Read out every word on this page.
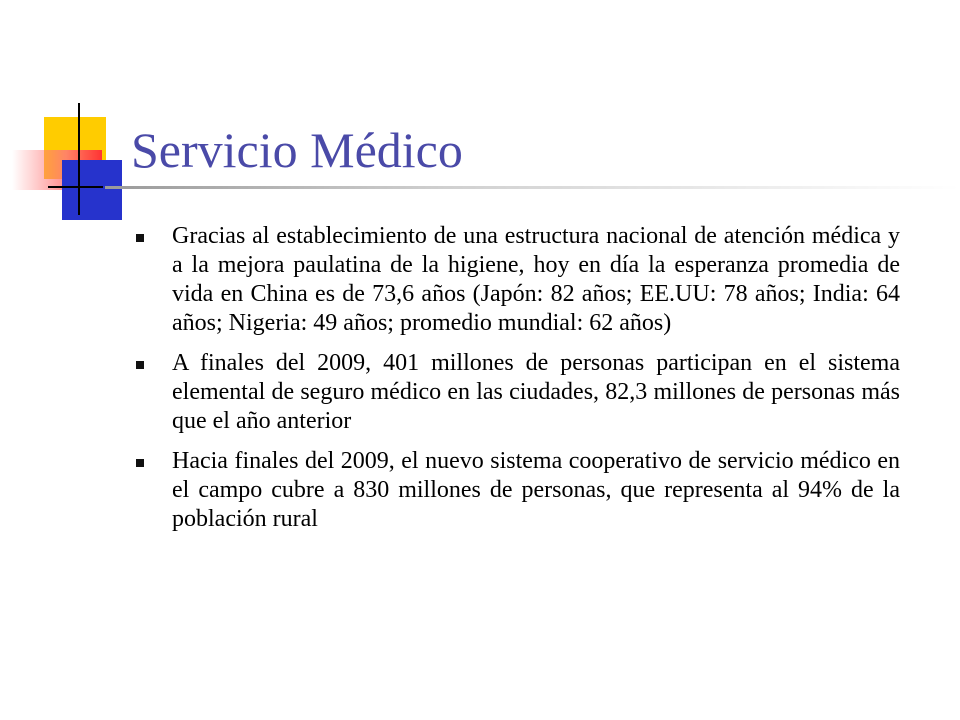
Servicio Médico
Gracias al establecimiento de una estructura nacional de atención médica y a la mejora paulatina de la higiene, hoy en día la esperanza promedia de vida en China es de 73,6 años (Japón: 82 años; EE.UU: 78 años; India: 64 años; Nigeria: 49 años; promedio mundial: 62 años)
A finales del 2009, 401 millones de personas participan en el sistema elemental de seguro médico en las ciudades, 82,3 millones de personas más que el año anterior
Hacia finales del 2009, el nuevo sistema cooperativo de servicio médico en el campo cubre a 830 millones de personas, que representa al 94% de la población rural
